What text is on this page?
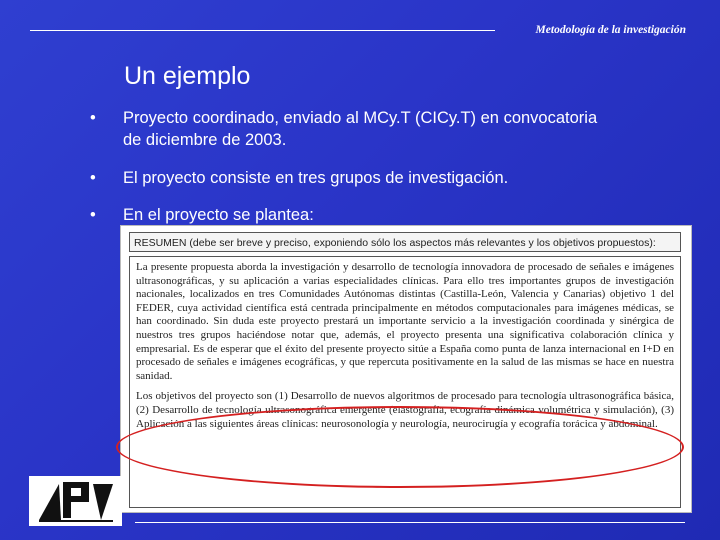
Metodología de la investigación
Un ejemplo
• Proyecto coordinado, enviado al MCy.T (CICy.T) en convocatoria de diciembre de 2003.
• El proyecto consiste en tres grupos de investigación.
• En el proyecto se plantea:
RESUMEN (debe ser breve y preciso, exponiendo sólo los aspectos más relevantes y los objetivos propuestos):

La presente propuesta aborda la investigación y desarrollo de tecnología innovadora de procesado de señales e imágenes ultrasonográficas, y su aplicación a varias especialidades clínicas. Para ello tres importantes grupos de investigación nacionales, localizados en tres Comunidades Autónomas distintas (Castilla-León, Valencia y Canarias) objetivo 1 del FEDER, cuya actividad científica está centrada principalmente en métodos computacionales para imágenes médicas, se han coordinado. Sin duda este proyecto prestará un importante servicio a la investigación coordinada y sinérgica de nuestros tres grupos haciéndose notar que, además, el proyecto presenta una significativa colaboración clínica y empresarial. Es de esperar que el éxito del presente proyecto sitúe a España como punta de lanza internacional en I+D en procesado de señales e imágenes ecográficas, y que repercuta positivamente en la salud de las mismas se hace en nuestra sanidad.

Los objetivos del proyecto son (1) Desarrollo de nuevos algoritmos de procesado para tecnología ultrasonográfica básica, (2) Desarrollo de tecnología ultrasonográfica emergente (elastografía, ecografía dinámica volumétrica y simulación), (3) Aplicación a las siguientes áreas clínicas: neurosonología y neurología, neurocirugía y ecografía torácica y abdominal.
